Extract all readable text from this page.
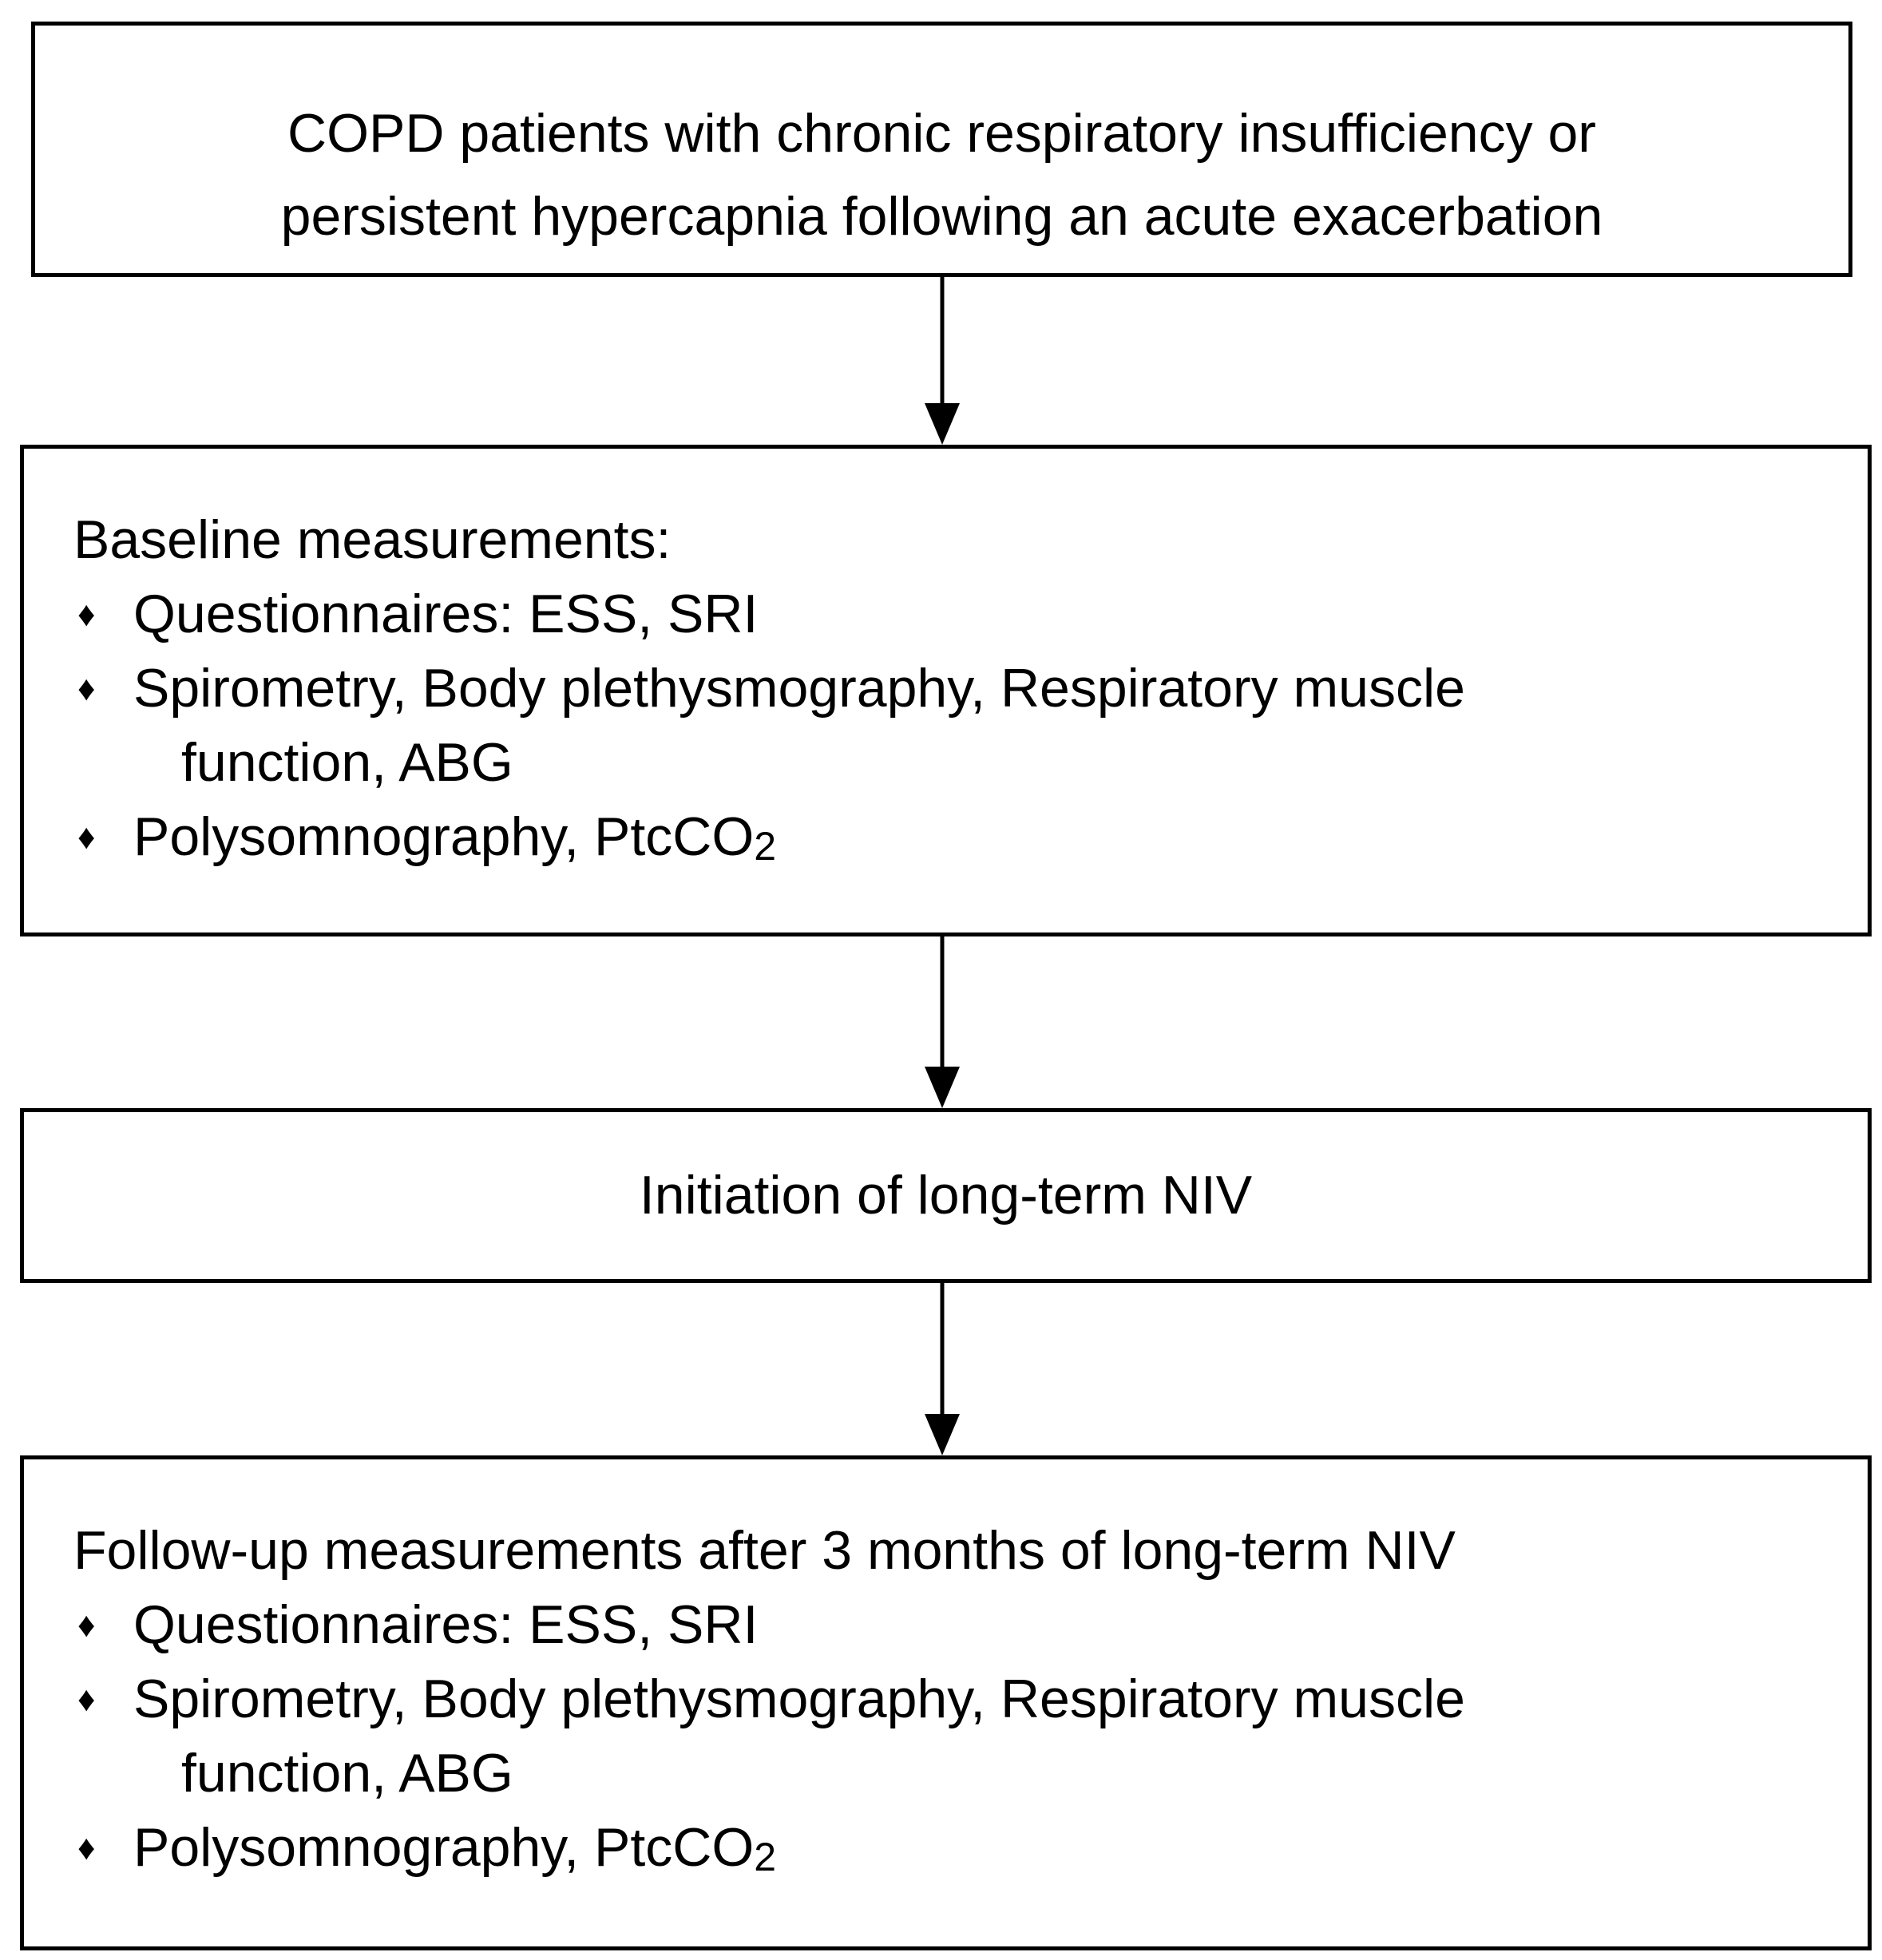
COPD patients with chronic respiratory insufficiency or
persistent hypercapnia following an acute exacerbation
Baseline measurements:
♦ Questionnaires: ESS, SRI
♦ Spirometry, Body plethysmography, Respiratory muscle
function, ABG
♦ Polysomnography, PtcCO2
Initiation of long-term NIV
Follow-up measurements after 3 months of long-term NIV
♦ Questionnaires: ESS, SRI
♦ Spirometry, Body plethysmography, Respiratory muscle
function, ABG
♦ Polysomnography, PtcCO2
